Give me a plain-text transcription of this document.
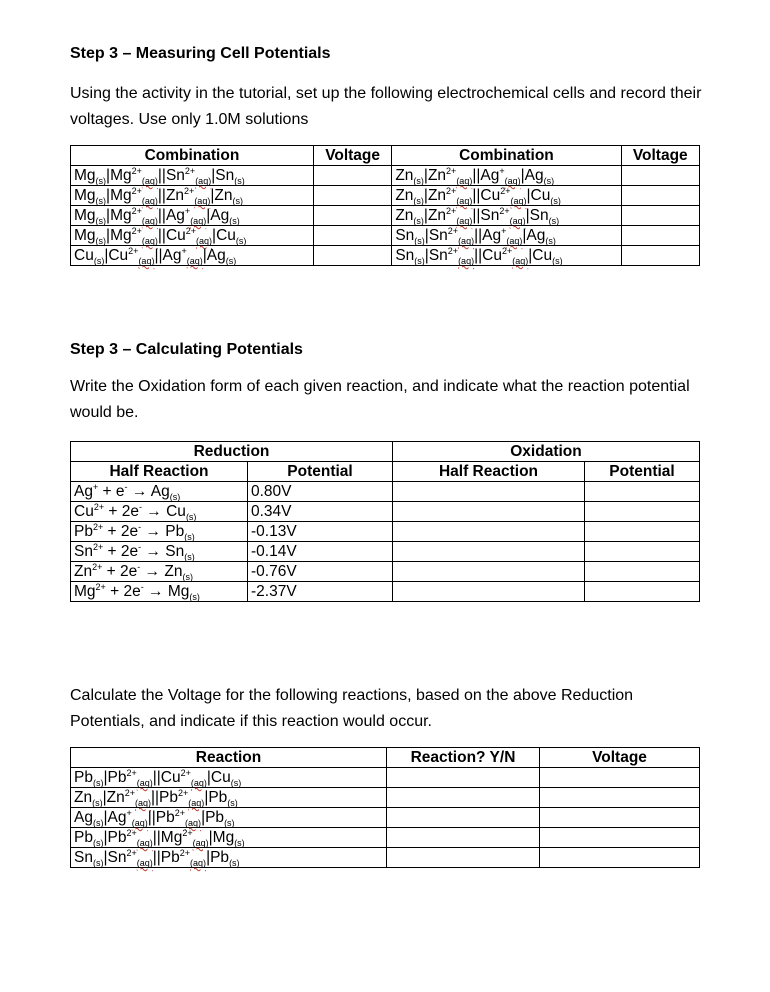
Step 3 – Measuring Cell Potentials

Using the activity in the tutorial, set up the following electrochemical cells and record their voltages. Use only 1.0M solutions

Combination	Voltage	Combination	Voltage
$Mg_{(s)}|Mg^{2+}_{(aq)}||Sn^{2+}_{(aq)}|Sn_{(s)}$		$Zn_{(s)}|Zn^{2+}_{(aq)}||Ag^+_{(aq)}|Ag_{(s)}$	
$Mg_{(s)}|Mg^{2+}_{(aq)}||Zn^{2+}_{(aq)}|Zn_{(s)}$		$Zn_{(s)}|Zn^{2+}_{(aq)}||Cu^{2+}_{(aq)}|Cu_{(s)}$	
$Mg_{(s)}|Mg^{2+}_{(aq)}||Ag^+_{(aq)}|Ag_{(s)}$		$Zn_{(s)}|Zn^{2+}_{(aq)}||Sn^{2+}_{(aq)}|Sn_{(s)}$	
$Mg_{(s)}|Mg^{2+}_{(aq)}||Cu^{2+}_{(aq)}|Cu_{(s)}$		$Sn_{(s)}|Sn^{2+}_{(aq)}||Ag^+_{(aq)}|Ag_{(s)}$	
$Cu_{(s)}|Cu^{2+}_{(aq)}||Ag^+_{(aq)}|Ag_{(s)}$		$Sn_{(s)}|Sn^{2+}_{(aq)}||Cu^{2+}_{(aq)}|Cu_{(s)}$	
Step 3 – Calculating Potentials

Write the Oxidation form of each given reaction, and indicate what the reaction potential would be.

Reduction		Oxidation	
Half Reaction	Potential	Half Reaction	Potential
$Ag^+ + e^- \to Ag_{(s)}$	0.80V		
$Cu^{2+} + 2e^- \to Cu_{(s)}$	0.34V		
$Pb^{2+} + 2e^- \to Pb_{(s)}$	-0.13V		
$Sn^{2+} + 2e^- \to Sn_{(s)}$	-0.14V		
$Zn^{2+} + 2e^- \to Zn_{(s)}$	-0.76V		
$Mg^{2+} + 2e^- \to Mg_{(s)}$	-2.37V		

Calculate the Voltage for the following reactions, based on the above Reduction Potentials, and indicate if this reaction would occur.

Reaction	Reaction? Y/N	Voltage
$Pb_{(s)}|Pb^{2+}_{(aq)}||Cu^{2+}_{(aq)}|Cu_{(s)}$		
$Zn_{(s)}|Zn^{2+}_{(aq)}||Pb^{2+}_{(aq)}|Pb_{(s)}$		
$Ag_{(s)}|Ag^+_{(aq)}||Pb^{2+}_{(aq)}|Pb_{(s)}$		
$Pb_{(s)}|Pb^{2+}_{(aq)}||Mg^{2+}_{(aq)}|Mg_{(s)}$		
$Sn_{(s)}|Sn^{2+}_{(aq)}||Pb^{2+}_{(aq)}|Pb_{(s)}$		
